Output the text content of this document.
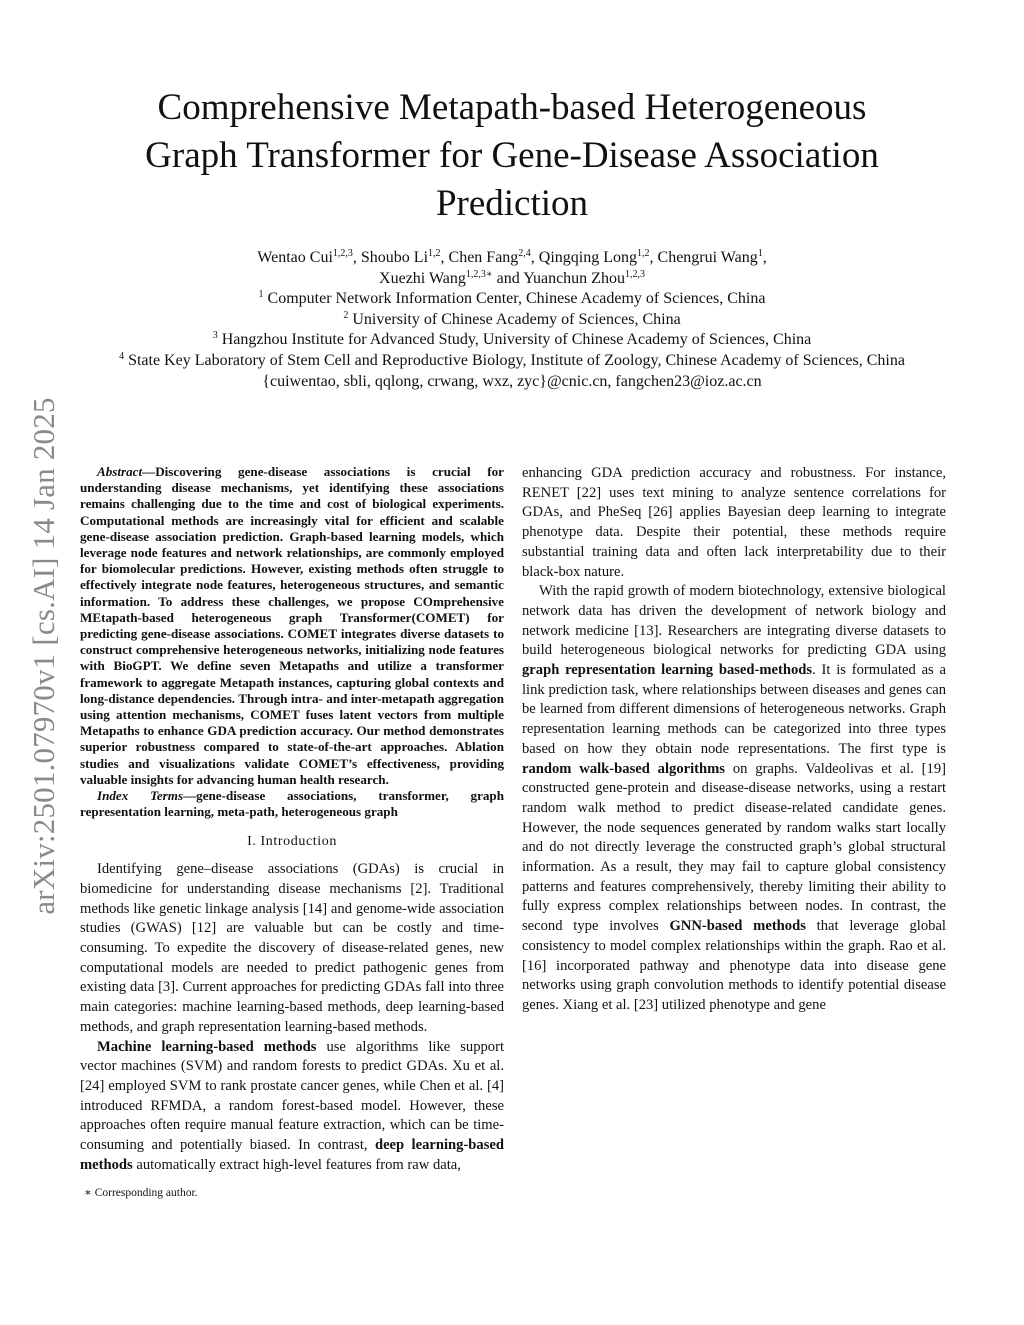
arXiv:2501.07970v1 [cs.AI] 14 Jan 2025
Comprehensive Metapath-based Heterogeneous
Graph Transformer for Gene-Disease Association
Prediction

Wentao Cui$^{1,2,3}$, Shoubo Li$^{1,2}$, Chen Fang$^{2,4}$, Qingqing Long$^{1,2}$, Chengrui Wang$^1$,

Xuezhi Wang$^{1,2,3∗}$ and Yuanchun Zhou$^{1,2,3}$

$^1$ Computer Network Information Center, Chinese Academy of Sciences, China

$^2$ University of Chinese Academy of Sciences, China

$^3$ Hangzhou Institute for Advanced Study, University of Chinese Academy of Sciences, China

$^4$ State Key Laboratory of Stem Cell and Reproductive Biology, Institute of Zoology, Chinese Academy of Sciences, China

{cuiwentao, sbli, qqlong, crwang, wxz, zyc}@cnic.cn, fangchen23@ioz.ac.cn

Abstract—Discovering gene-disease associations is crucial for understanding disease mechanisms, yet identifying these associations remains challenging due to the time and cost of biological experiments. Computational methods are increasingly vital for efficient and scalable gene-disease association prediction. Graph-based learning models, which leverage node features and network relationships, are commonly employed for biomolecular predictions. However, existing methods often struggle to effectively integrate node features, heterogeneous structures, and semantic information. To address these challenges, we propose COmprehensive MEtapath-based heterogeneous graph Transformer(COMET) for predicting gene-disease associations. COMET integrates diverse datasets to construct comprehensive heterogeneous networks, initializing node features with BioGPT. We define seven Metapaths and utilize a transformer framework to aggregate Metapath instances, capturing global contexts and long-distance dependencies. Through intra- and inter-metapath aggregation using attention mechanisms, COMET fuses latent vectors from multiple Metapaths to enhance GDA prediction accuracy. Our method demonstrates superior robustness compared to state-of-the-art approaches. Ablation studies and visualizations validate COMET’s effectiveness, providing valuable insights for advancing human health research.

Index Terms—gene-disease associations, transformer, graph representation learning, meta-path, heterogeneous graph

I. Introduction

Identifying gene–disease associations (GDAs) is crucial in biomedicine for understanding disease mechanisms [2]. Traditional methods like genetic linkage analysis [14] and genome-wide association studies (GWAS) [12] are valuable but can be costly and time-consuming. To expedite the discovery of disease-related genes, new computational models are needed to predict pathogenic genes from existing data [3]. Current approaches for predicting GDAs fall into three main categories: machine learning-based methods, deep learning-based methods, and graph representation learning-based methods.

Machine learning-based methods use algorithms like support vector machines (SVM) and random forests to predict GDAs. Xu et al. [24] employed SVM to rank prostate cancer genes, while Chen et al. [4] introduced RFMDA, a random forest-based model. However, these approaches often require manual feature extraction, which can be time-consuming and potentially biased. In contrast, deep learning-based methods automatically extract high-level features from raw data,

enhancing GDA prediction accuracy and robustness. For instance, RENET [22] uses text mining to analyze sentence correlations for GDAs, and PheSeq [26] applies Bayesian deep learning to integrate phenotype data. Despite their potential, these methods require substantial training data and often lack interpretability due to their black-box nature.

With the rapid growth of modern biotechnology, extensive biological network data has driven the development of network biology and network medicine [13]. Researchers are integrating diverse datasets to build heterogeneous biological networks for predicting GDA using graph representation learning based-methods. It is formulated as a link prediction task, where relationships between diseases and genes can be learned from different dimensions of heterogeneous networks. Graph representation learning methods can be categorized into three types based on how they obtain node representations. The first type is random walk-based algorithms on graphs. Valdeolivas et al. [19] constructed gene-protein and disease-disease networks, using a restart random walk method to predict disease-related candidate genes. However, the node sequences generated by random walks start locally and do not directly leverage the constructed graph’s global structural information. As a result, they may fail to capture global consistency patterns and features comprehensively, thereby limiting their ability to fully express complex relationships between nodes. In contrast, the second type involves GNN-based methods that leverage global consistency to model complex relationships within the graph. Rao et al. [16] incorporated pathway and phenotype data into disease gene networks using graph convolution methods to identify potential disease genes. Xiang et al. [23] utilized phenotype and gene

∗ Corresponding author.
